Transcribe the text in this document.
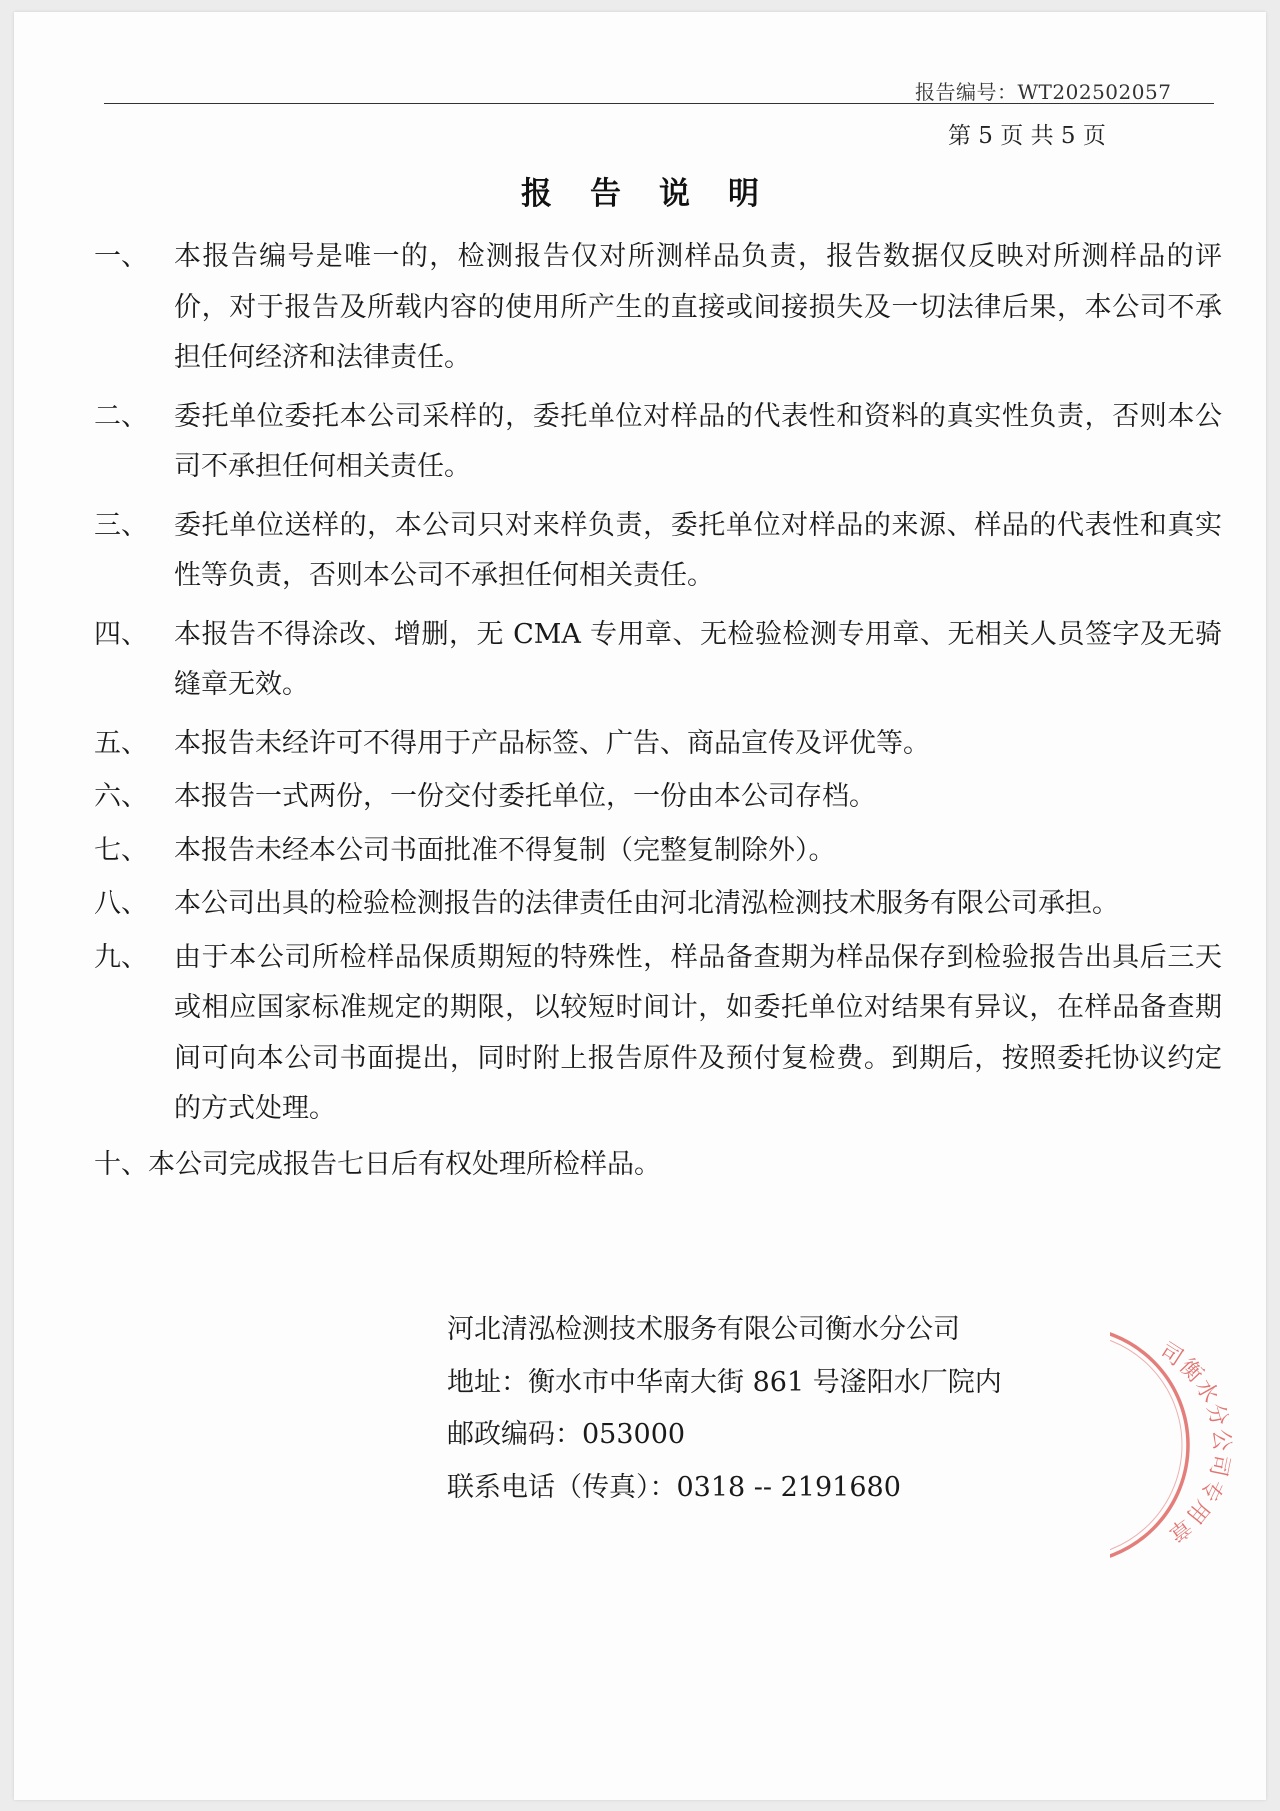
报告编号：WT202502057
第 5 页 共 5 页
报告说明
一、 本报告编号是唯一的，检测报告仅对所测样品负责，报告数据仅反映对所测样品的评价，对于报告及所载内容的使用所产生的直接或间接损失及一切法律后果，本公司不承担任何经济和法律责任。
二、 委托单位委托本公司采样的，委托单位对样品的代表性和资料的真实性负责，否则本公司不承担任何相关责任。
三、 委托单位送样的，本公司只对来样负责，委托单位对样品的来源、样品的代表性和真实性等负责，否则本公司不承担任何相关责任。
四、 本报告不得涂改、增删，无 CMA 专用章、无检验检测专用章、无相关人员签字及无骑缝章无效。
五、 本报告未经许可不得用于产品标签、广告、商品宣传及评优等。
六、 本报告一式两份，一份交付委托单位，一份由本公司存档。
七、 本报告未经本公司书面批准不得复制（完整复制除外）。
八、 本公司出具的检验检测报告的法律责任由河北清泓检测技术服务有限公司承担。
九、 由于本公司所检样品保质期短的特殊性，样品备查期为样品保存到检验报告出具后三天或相应国家标准规定的期限，以较短时间计，如委托单位对结果有异议，在样品备查期间可向本公司书面提出，同时附上报告原件及预付复检费。到期后，按照委托协议约定的方式处理。
十、 本公司完成报告七日后有权处理所检样品。
河北清泓检测技术服务有限公司衡水分公司
地址：衡水市中华南大街 861 号滏阳水厂院内
邮政编码：053000
联系电话（传真）：0318 -- 2191680
司衡水分公司专用章
